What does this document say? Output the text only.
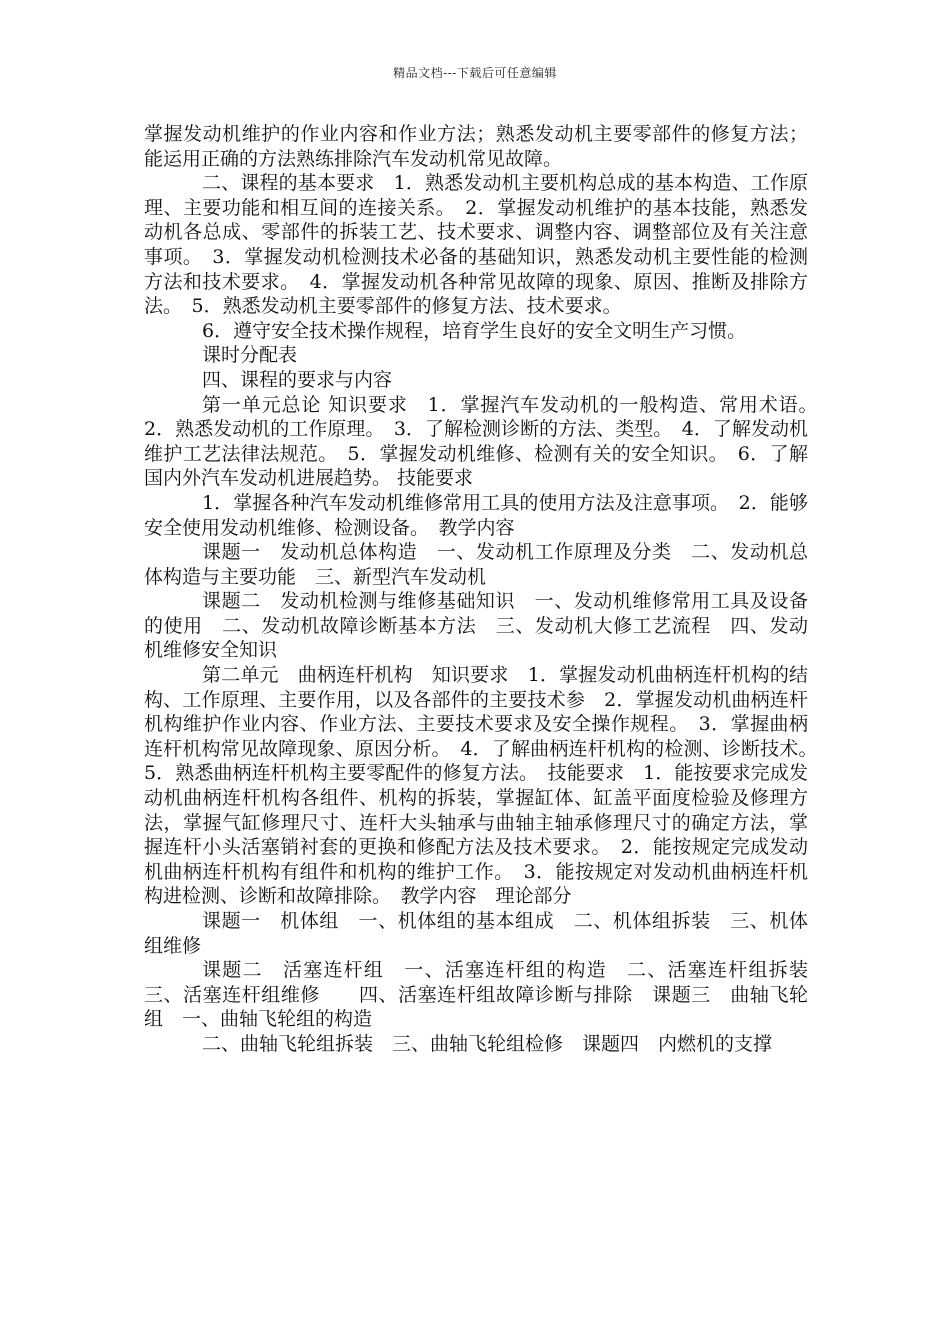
精品文档---下载后可任意编辑

掌握发动机维护的作业内容和作业方法；熟悉发动机主要零部件的修复方法；能运用正确的方法熟练排除汽车发动机常见故障。

二、课程的基本要求　1．熟悉发动机主要机构总成的基本构造、工作原理、主要功能和相互间的连接关系。　2．掌握发动机维护的基本技能，熟悉发动机各总成、零部件的拆装工艺、技术要求、调整内容、调整部位及有关注意事项。　3．掌握发动机检测技术必备的基础知识，熟悉发动机主要性能的检测方法和技术要求。　4．掌握发动机各种常见故障的现象、原因、推断及排除方法。　5．熟悉发动机主要零部件的修复方法、技术要求。

6．遵守安全技术操作规程，培育学生良好的安全文明生产习惯。

课时分配表

四、课程的要求与内容

第一单元总论 知识要求　1．掌握汽车发动机的一般构造、常用术语。　2．熟悉发动机的工作原理。　3．了解检测诊断的方法、类型。　4．了解发动机维护工艺法律法规范。　5．掌握发动机维修、检测有关的安全知识。　6．了解国内外汽车发动机进展趋势。 技能要求

1．掌握各种汽车发动机维修常用工具的使用方法及注意事项。　2．能够安全使用发动机维修、检测设备。　教学内容

课题一　发动机总体构造　一、发动机工作原理及分类　二、发动机总体构造与主要功能　三、新型汽车发动机

课题二　发动机检测与维修基础知识　一、发动机维修常用工具及设备的使用　二、发动机故障诊断基本方法　三、发动机大修工艺流程　四、发动机维修安全知识

第二单元　曲柄连杆机构　知识要求　1．掌握发动机曲柄连杆机构的结构、工作原理、主要作用，以及各部件的主要技术参　2．掌握发动机曲柄连杆机构维护作业内容、作业方法、主要技术要求及安全操作规程。　3．掌握曲柄连杆机构常见故障现象、原因分析。　4．了解曲柄连杆机构的检测、诊断技术。　5．熟悉曲柄连杆机构主要零配件的修复方法。　技能要求　1．能按要求完成发动机曲柄连杆机构各组件、机构的拆装，掌握缸体、缸盖平面度检验及修理方法，掌握气缸修理尺寸、连杆大头轴承与曲轴主轴承修理尺寸的确定方法，掌握连杆小头活塞销衬套的更换和修配方法及技术要求。　2．能按规定完成发动机曲柄连杆机构有组件和机构的维护工作。　3．能按规定对发动机曲柄连杆机构进检测、诊断和故障排除。　教学内容　理论部分

课题一　机体组　一、机体组的基本组成　二、机体组拆装　三、机体组维修

课题二　活塞连杆组　一、活塞连杆组的构造　二、活塞连杆组拆装　三、活塞连杆组维修　　四、活塞连杆组故障诊断与排除　课题三　曲轴飞轮组　一、曲轴飞轮组的构造

二、曲轴飞轮组拆装　三、曲轴飞轮组检修　课题四　内燃机的支撑
